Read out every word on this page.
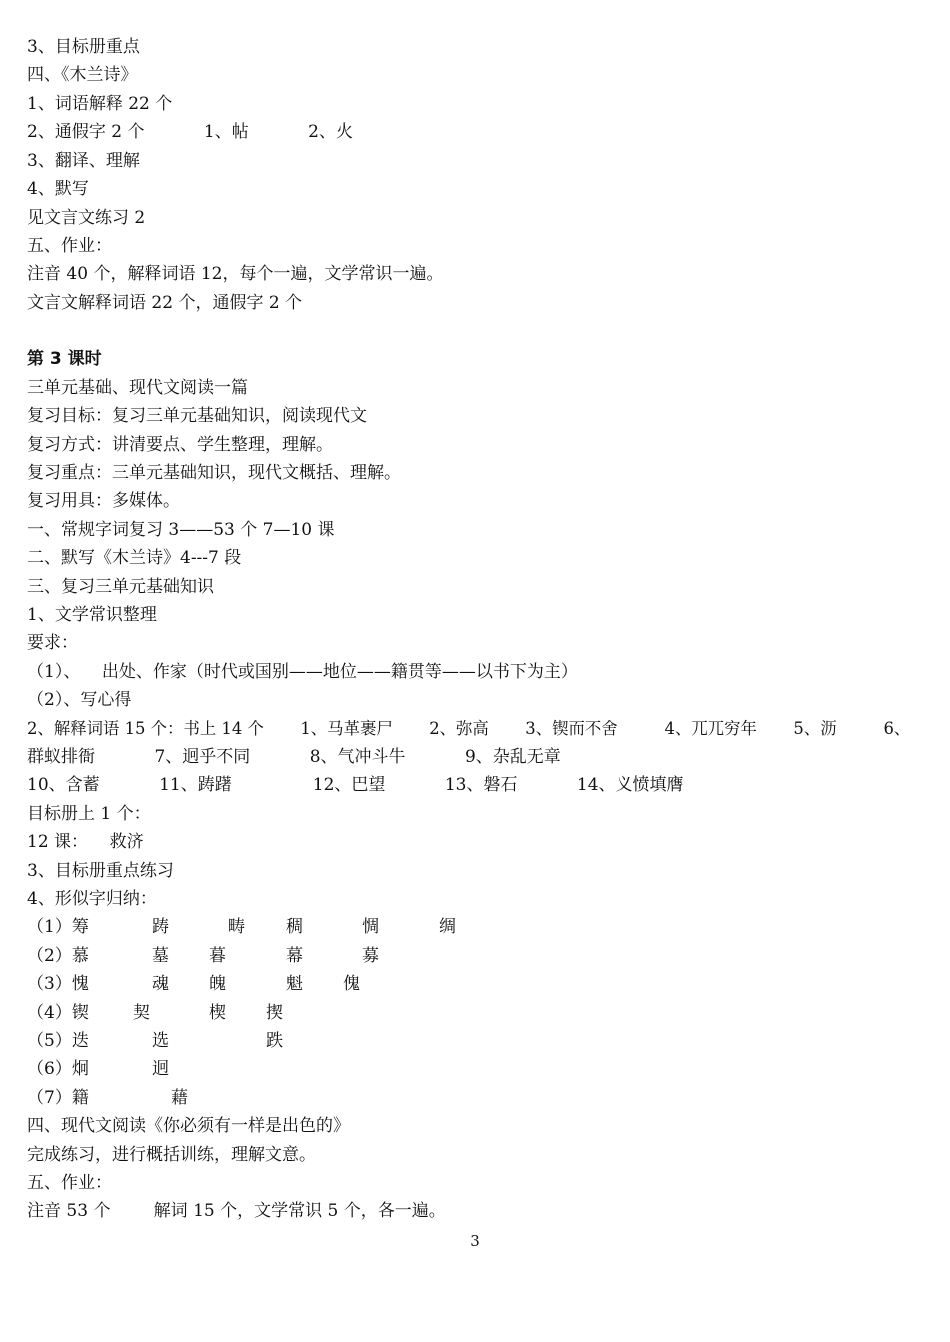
3、目标册重点
四、《木兰诗》
1、词语解释 22 个
2、通假字 2 个           1、帖           2、火
3、翻译、理解
4、默写
见文言文练习 2
五、作业：
注音 40 个，解释词语 12，每个一遍，文学常识一遍。
文言文解释词语 22 个，通假字 2 个
第 3 课时
三单元基础、现代文阅读一篇
复习目标：复习三单元基础知识，阅读现代文
复习方式：讲清要点、学生整理，理解。
复习重点：三单元基础知识，现代文概括、理解。
复习用具：多媒体。
一、常规字词复习 3——53 个 7—10 课
二、默写《木兰诗》4---7 段
三、复习三单元基础知识
1、文学常识整理
要求：
（1）、    出处、作家（时代或国别——地位——籍贯等——以书下为主）
（2）、写心得
2、解释词语 15 个：书上 14 个       1、马革裹尸       2、弥高       3、锲而不舍         4、兀兀穷年       5、沥         6、
群蚁排衙           7、迥乎不同           8、气冲斗牛           9、杂乱无章
10、含蓄           11、踌躇               12、巴望           13、磐石           14、义愤填膺
目标册上 1 个：
12 课：    救济
3、目标册重点练习
4、形似字归纳：
（1）筹	踌	畴 稠	惆	绸
（2）慕	墓 暮	幕	募
（3）愧	魂 魄	魁 傀
（4）锲	契	楔 揳
（5）迭	选	跌
（6）炯	迥
（7）籍	藉
四、现代文阅读《你必须有一样是出色的》
完成练习，进行概括训练，理解文意。
五、作业：
注音 53 个        解词 15 个，文学常识 5 个，各一遍。
3
